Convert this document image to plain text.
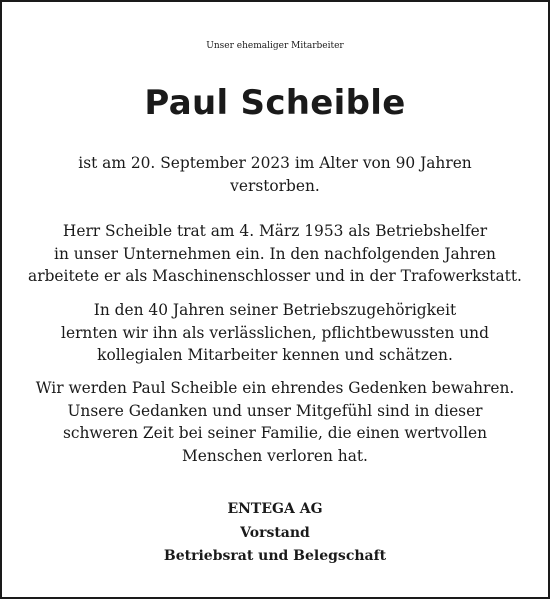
Unser ehemaliger Mitarbeiter
Paul Scheible
ist am 20. September 2023 im Alter von 90 Jahren
verstorben.
Herr Scheible trat am 4. März 1953 als Betriebshelfer
in unser Unternehmen ein. In den nachfolgenden Jahren
arbeitete er als Maschinenschlosser und in der Trafowerkstatt.
In den 40 Jahren seiner Betriebszugehörigkeit
lernten wir ihn als verlässlichen, pflichtbewussten und
kollegialen Mitarbeiter kennen und schätzen.
Wir werden Paul Scheible ein ehrendes Gedenken bewahren.
Unsere Gedanken und unser Mitgefühl sind in dieser
schweren Zeit bei seiner Familie, die einen wertvollen
Menschen verloren hat.
ENTEGA AG
Vorstand
Betriebsrat und Belegschaft
